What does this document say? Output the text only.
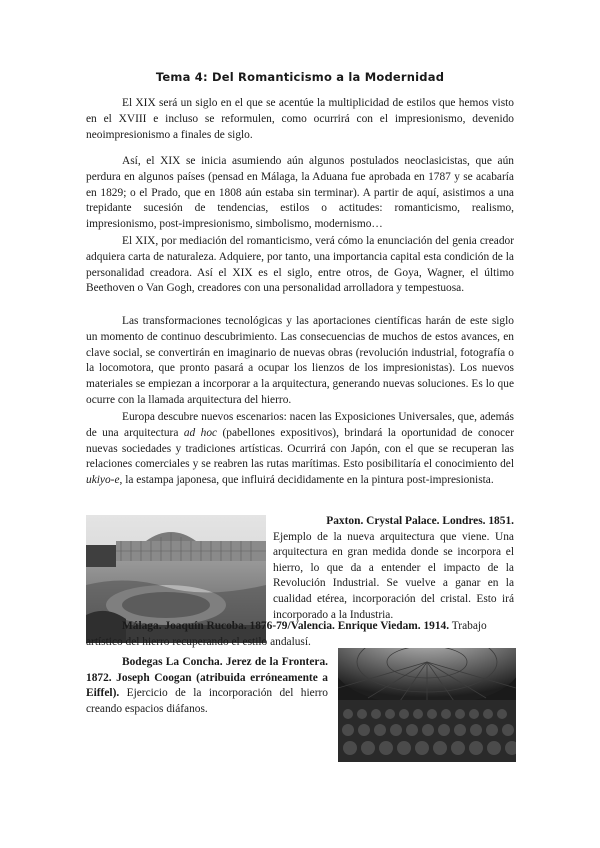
Tema 4: Del Romanticismo a la Modernidad

El XIX será un siglo en el que se acentúe la multiplicidad de estilos que hemos visto en el XVIII e incluso se reformulen, como ocurrirá con el impresionismo, devenido neoimpresionismo a finales de siglo.

Así, el XIX se inicia asumiendo aún algunos postulados neoclasicistas, que aún perdura en algunos países (pensad en Málaga, la Aduana fue aprobada en 1787 y se acabaría en 1829; o el Prado, que en 1808 aún estaba sin terminar). A partir de aquí, asistimos a una trepidante sucesión de tendencias, estilos o actitudes: romanticismo, realismo, impresionismo, post-impresionismo, simbolismo, modernismo…

El XIX, por mediación del romanticismo, verá cómo la enunciación del genia creador adquiera carta de naturaleza. Adquiere, por tanto, una importancia capital esta condición de la personalidad creadora. Así el XIX es el siglo, entre otros, de Goya, Wagner, el último Beethoven o Van Gogh, creadores con una personalidad arrolladora y tempestuosa.

Las transformaciones tecnológicas y las aportaciones científicas harán de este siglo un momento de continuo descubrimiento. Las consecuencias de muchos de estos avances, en clave social, se convertirán en imaginario de nuevas obras (revolución industrial, fotografía o la locomotora, que pronto pasará a ocupar los lienzos de los impresionistas). Los nuevos materiales se empiezan a incorporar a la arquitectura, generando nuevas soluciones. Es lo que ocurre con la llamada arquitectura del hierro.

Europa descubre nuevos escenarios: nacen las Exposiciones Universales, que, además de una arquitectura ad hoc (pabellones expositivos), brindará la oportunidad de conocer nuevas sociedades y tradiciones artísticas. Ocurrirá con Japón, con el que se recuperan las relaciones comerciales y se reabren las rutas marítimas. Esto posibilitaría el conocimiento del ukiyo-e, la estampa japonesa, que influirá decididamente en la pintura post-impresionista.

Paxton. Crystal Palace. Londres. 1851.
Ejemplo de la nueva arquitectura que viene. Una arquitectura en gran medida donde se incorpora el hierro, lo que da a entender el impacto de la Revolución Industrial. Se vuelve a ganar en la cualidad etérea, incorporación del cristal. Esto irá incorporado a la Industria.

Málaga. Joaquín Rucoba. 1876-79/Valencia. Enrique Viedam. 1914. Trabajo artístico del hierro recuperando el estilo andalusí.

Bodegas La Concha. Jerez de la Frontera. 1872. Joseph Coogan (atribuida erróneamente a Eiffel). Ejercicio de la incorporación del hierro creando espacios diáfanos.
